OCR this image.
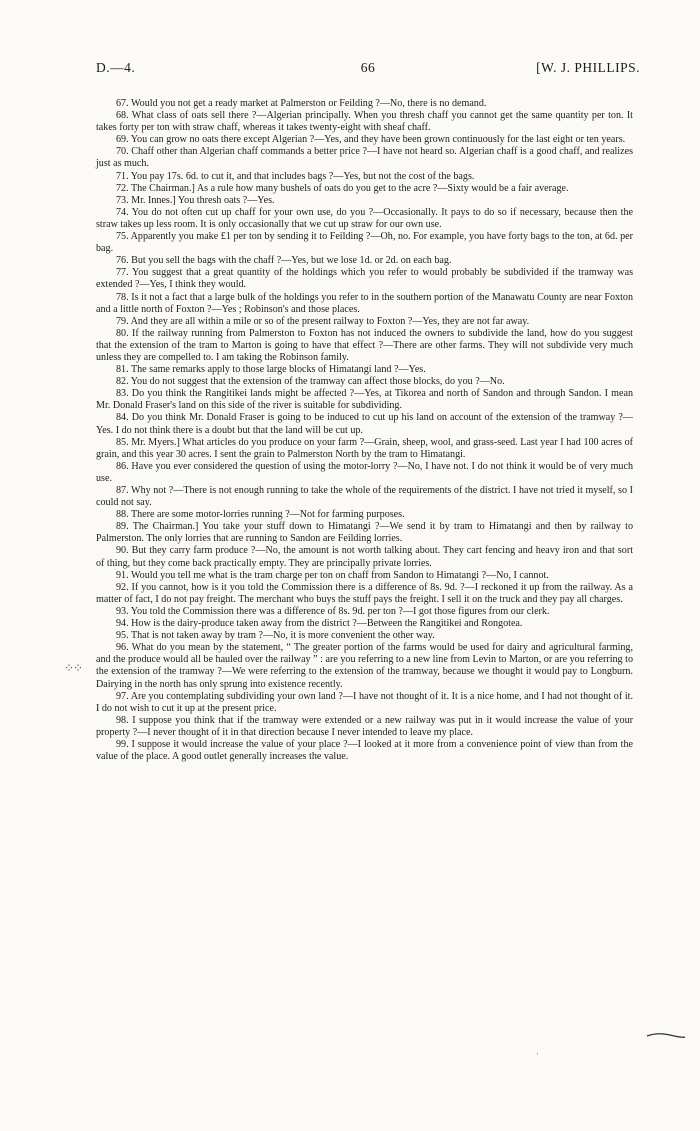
D.—4.	66	[W. J. PHILLIPS.
⁘⁘
ˈ

67. Would you not get a ready market at Palmerston or Feilding ?—No, there is no demand.

68. What class of oats sell there ?—Algerian principally. When you thresh chaff you cannot get the same quantity per ton. It takes forty per ton with straw chaff, whereas it takes twenty-eight with sheaf chaff.

69. You can grow no oats there except Algerian ?—Yes, and they have been grown continuously for the last eight or ten years.

70. Chaff other than Algerian chaff commands a better price ?—I have not heard so. Algerian chaff is a good chaff, and realizes just as much.

71. You pay 17s. 6d. to cut it, and that includes bags ?—Yes, but not the cost of the bags.

72. The Chairman.] As a rule how many bushels of oats do you get to the acre ?—Sixty would be a fair average.

73. Mr. Innes.] You thresh oats ?—Yes.

74. You do not often cut up chaff for your own use, do you ?—Occasionally. It pays to do so if necessary, because then the straw takes up less room. It is only occasionally that we cut up straw for our own use.

75. Apparently you make £1 per ton by sending it to Feilding ?—Oh, no. For example, you have forty bags to the ton, at 6d. per bag.

76. But you sell the bags with the chaff ?—Yes, but we lose 1d. or 2d. on each bag.

77. You suggest that a great quantity of the holdings which you refer to would probably be subdivided if the tramway was extended ?—Yes, I think they would.

78. Is it not a fact that a large bulk of the holdings you refer to in the southern portion of the Manawatu County are near Foxton and a little north of Foxton ?—Yes ; Robinson's and those places.

79. And they are all within a mile or so of the present railway to Foxton ?—Yes, they are not far away.

80. If the railway running from Palmerston to Foxton has not induced the owners to subdivide the land, how do you suggest that the extension of the tram to Marton is going to have that effect ?—There are other farms. They will not subdivide very much unless they are compelled to. I am taking the Robinson family.

81. The same remarks apply to those large blocks of Himatangi land ?—Yes.

82. You do not suggest that the extension of the tramway can affect those blocks, do you ?—No.

83. Do you think the Rangitikei lands might be affected ?—Yes, at Tikorea and north of Sandon and through Sandon. I mean Mr. Donald Fraser's land on this side of the river is suitable for subdividing.

84. Do you think Mr. Donald Fraser is going to be induced to cut up his land on account of the extension of the tramway ?—Yes. I do not think there is a doubt but that the land will be cut up.

85. Mr. Myers.] What articles do you produce on your farm ?—Grain, sheep, wool, and grass-seed. Last year I had 100 acres of grain, and this year 30 acres. I sent the grain to Palmerston North by the tram to Himatangi.

86. Have you ever considered the question of using the motor-lorry ?—No, I have not. I do not think it would be of very much use.

87. Why not ?—There is not enough running to take the whole of the requirements of the district. I have not tried it myself, so I could not say.

88. There are some motor-lorries running ?—Not for farming purposes.

89. The Chairman.] You take your stuff down to Himatangi ?—We send it by tram to Himatangi and then by railway to Palmerston. The only lorries that are running to Sandon are Feilding lorries.

90. But they carry farm produce ?—No, the amount is not worth talking about. They cart fencing and heavy iron and that sort of thing, but they come back practically empty. They are principally private lorries.

91. Would you tell me what is the tram charge per ton on chaff from Sandon to Himatangi ?—No, I cannot.

92. If you cannot, how is it you told the Commission there is a difference of 8s. 9d. ?—I reckoned it up from the railway. As a matter of fact, I do not pay freight. The merchant who buys the stuff pays the freight. I sell it on the truck and they pay all charges.

93. You told the Commission there was a difference of 8s. 9d. per ton ?—I got those figures from our clerk.

94. How is the dairy-produce taken away from the district ?—Between the Rangitikei and Rongotea.

95. That is not taken away by tram ?—No, it is more convenient the other way.

96. What do you mean by the statement, “ The greater portion of the farms would be used for dairy and agricultural farming, and the produce would all be hauled over the railway ” : are you referring to a new line from Levin to Marton, or are you referring to the extension of the tramway ?—We were referring to the extension of the tramway, because we thought it would pay to Longburn. Dairying in the north has only sprung into existence recently.

97. Are you contemplating subdividing your own land ?—I have not thought of it. It is a nice home, and I had not thought of it. I do not wish to cut it up at the present price.

98. I suppose you think that if the tramway were extended or a new railway was put in it would increase the value of your property ?—I never thought of it in that direction because I never intended to leave my place.

99. I suppose it would increase the value of your place ?—I looked at it more from a convenience point of view than from the value of the place. A good outlet generally increases the value.
